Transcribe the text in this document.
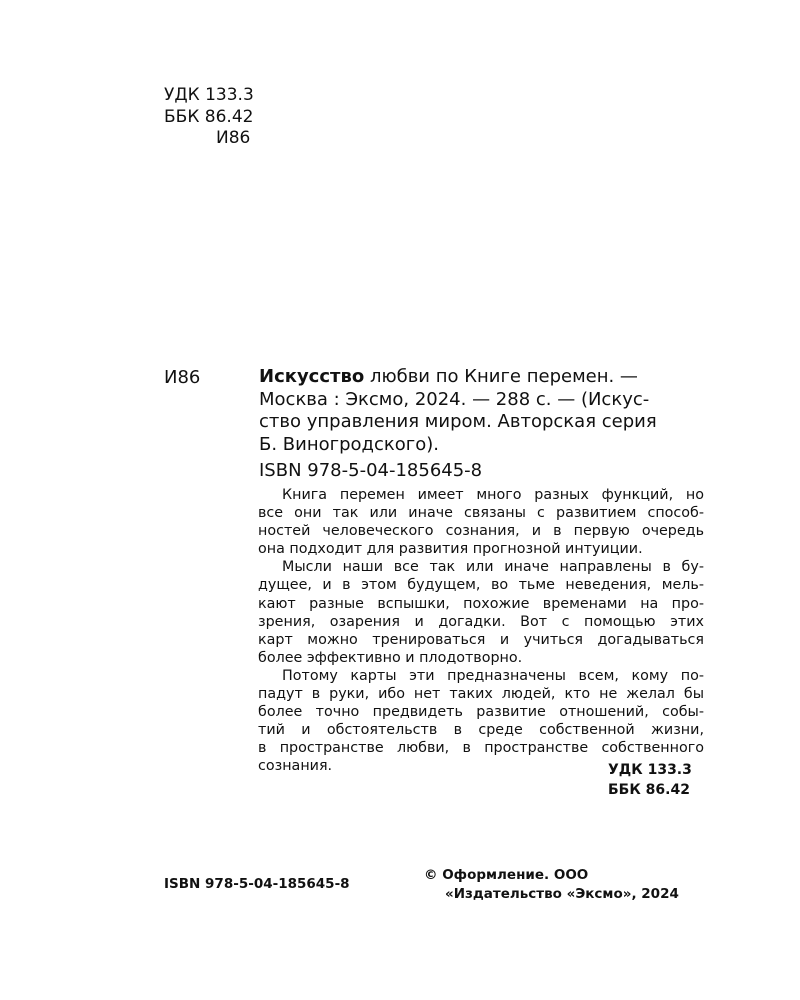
УДК 133.3
ББК 86.42
И86
И86	Искусство любви по Книге перемен. —
Москва : Эксмо, 2024. — 288 с. — (Искус-
ство управления миром. Авторская серия
Б. Виногродского).
ISBN 978-5-04-185645-8
Книга перемен имеет много разных функций, но
все они так или иначе связаны с развитием способ-
ностей человеческого сознания, и в первую очередь
она подходит для развития прогнозной интуиции.
Мысли наши все так или иначе направлены в бу-
дущее, и в этом будущем, во тьме неведения, мель-
кают разные вспышки, похожие временами на про-
зрения, озарения и догадки. Вот с помощью этих
карт можно тренироваться и учиться догадываться
более эффективно и плодотворно.
Потому карты эти предназначены всем, кому по-
падут в руки, ибо нет таких людей, кто не желал бы
более точно предвидеть развитие отношений, собы-
тий и обстоятельств в среде собственной жизни,
в пространстве любви, в пространстве собственного
сознания.	УДК 133.3
ББК 86.42
ISBN 978-5-04-185645-8
© Оформление. ООО
«Издательство «Эксмо», 2024
